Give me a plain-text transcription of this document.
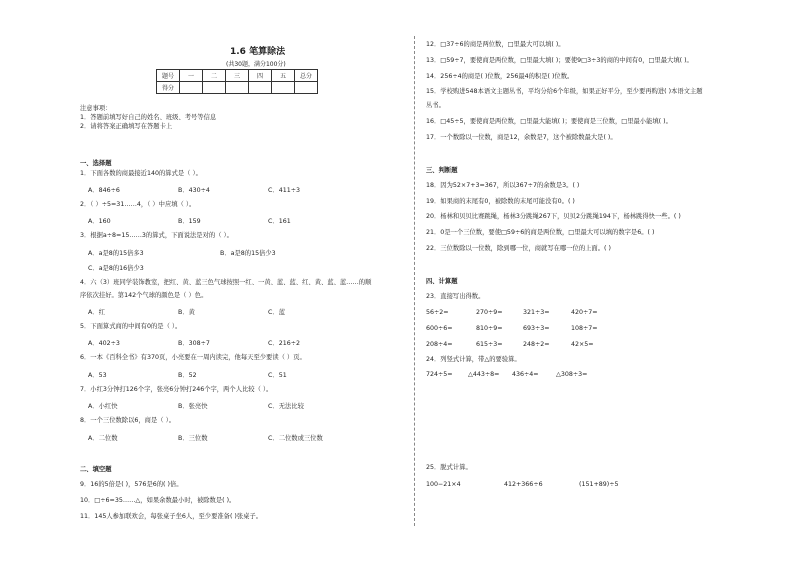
1.6 笔算除法
(共30题，满分100分)
题号	一	二	三	四	五	总分
得分						
注意事项：
1．答题前填写好自己的姓名、班级、考号等信息
2．请将答案正确填写在答题卡上
一、选择题
1．下面各数的商最接近140的算式是（ ）。
A．846÷6	B．430÷4	C．411÷3
2．（ ）÷5=31……4，（ ）中应填（ ）。
A．160	B．159	C．161
3．根据a÷8=15……3的算式，下面说法是对的（ ）。
A．a是8的15倍多3	B．a是8的15倍少3
C．a是8的16倍少3
4．六（3）班同学装饰教室，把红、黄、蓝三色气球按照一红、一黄、蓝、蓝、红、黄、蓝、蓝……的顺
序依次挂好。第142个气球的颜色是（ ）色。
A．红	B．黄	C．蓝
5．下面算式商的中间有0的是（ ）。
A．402÷3	B．308÷7	C．216÷2
6．一本《百科全书》有370页，小亮要在一周内读完，他每天至少要读（ ）页。
A．53	B．52	C．51
7．小红3分钟打126个字，张亮6分钟打246个字，两个人比较（ ）。
A．小红快	B．张亮快	C．无法比较
8．一个三位数除以6，商是（ ）。
A．二位数	B．三位数	C．二位数或三位数
二、填空题
9．16的5倍是( )，576是6的( )倍。
10．□÷6=35……△，如果余数最小时，被除数是( )。
11．145人参加联欢会，每张桌子坐6人，至少要准备( )张桌子。
12．□37÷6的商是两位数，□里最大可以填( )。
13．□59÷7，要使商是两位数，□里最大填( )；要使9□3÷3的商的中间有0，□里最大填( )。
14．256÷4的商是( )位数，256最4的积是( )位数。
15．学校购进548本语文主题丛书，平均分给6个年级，如果正好平分，至少要再购进( )本语文主题
丛书。
16．□45÷5，要使商是两位数，□里最大能填( )；要使商是三位数，□里最小能填( )。
17．一个数除以一位数，商是12，余数是7，这个被除数最大是( )。
三、判断题
18．因为52×7+3=367，所以367÷7的余数是3。( )
19．如果商的末尾有0，被除数的末尾可能没有0。( )
20．杨林和贝贝比赛跳绳，杨林3分跳绳267下，贝贝2分跳绳194下，杨林跳得快一些。( )
21．0是一个三位数，要使□59÷6的商是两位数，□里最大可以填的数字是6。( )
22．三位数除以一位数，除到哪一位，商就写在哪一位的上面。( )
四、计算题
23．直接写出得数。
56÷2=	270÷9=	321÷3=	420÷7=
600÷6=	810÷9=	693÷3=	108÷7=
208÷4=	615÷3=	248÷2=	42×5=
24．列竖式计算，带△的要验算。
724÷5= △443÷8= 436÷4=	△308÷3=
25．脱式计算。
100−21×4	412+366÷6	(151+89)÷5
